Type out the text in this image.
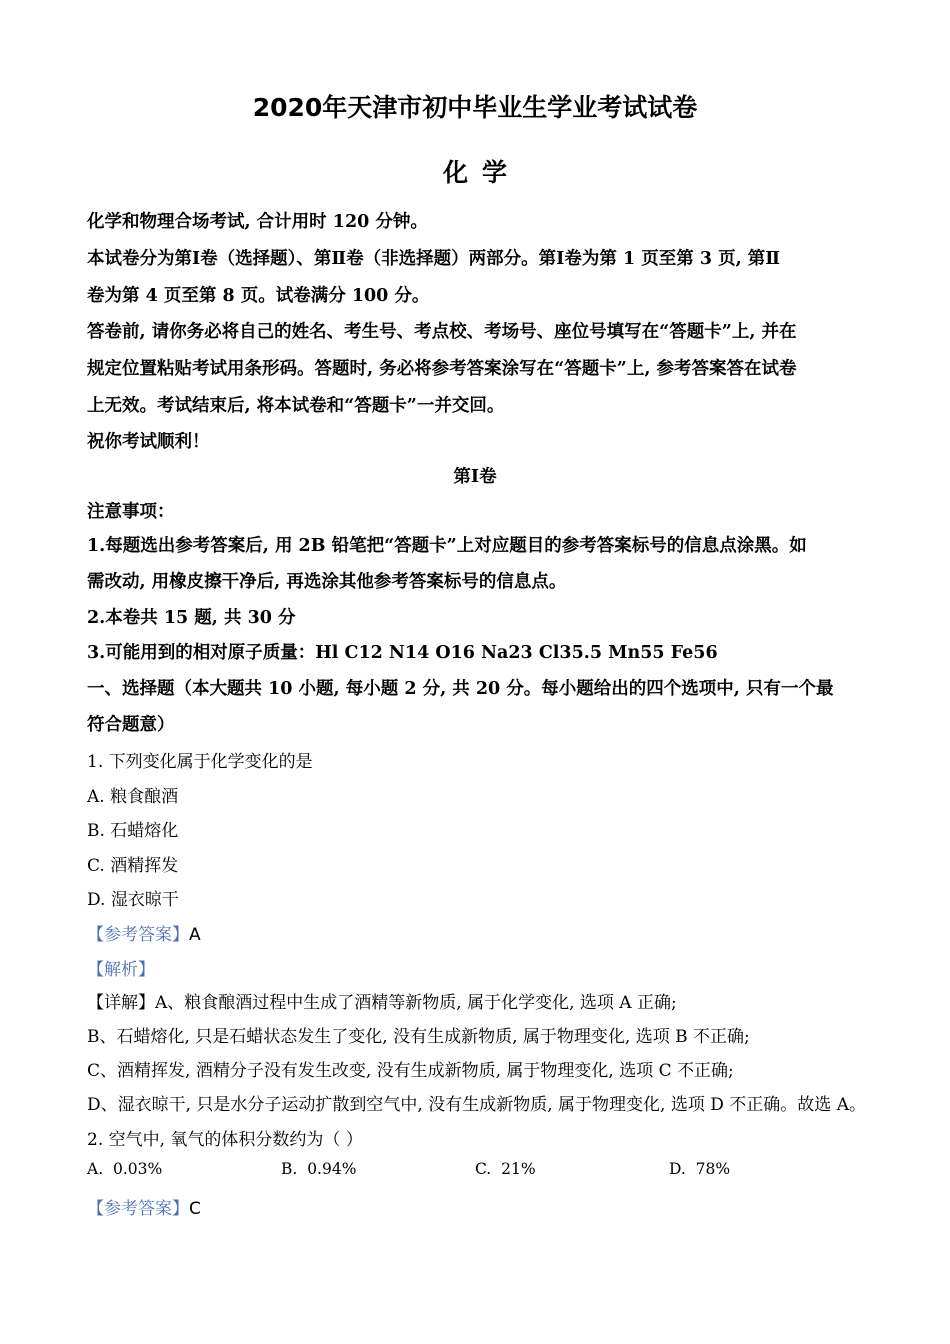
2020年天津市初中毕业生学业考试试卷
化学
化学和物理合场考试, 合计用时 120 分钟。
本试卷分为第Ⅰ卷（选择题）、第Ⅱ卷（非选择题）两部分。第Ⅰ卷为第 1 页至第 3 页, 第Ⅱ
卷为第 4 页至第 8 页。试卷满分 100 分。
答卷前, 请你务必将自己的姓名、考生号、考点校、考场号、座位号填写在“答题卡”上, 并在
规定位置粘贴考试用条形码。答题时, 务必将参考答案涂写在“答题卡”上, 参考答案答在试卷
上无效。考试结束后, 将本试卷和“答题卡”一并交回。
祝你考试顺利！
第Ⅰ卷
注意事项：
1.每题选出参考答案后, 用 2B 铅笔把“答题卡”上对应题目的参考答案标号的信息点涂黑。如
需改动, 用橡皮擦干净后, 再选涂其他参考答案标号的信息点。
2.本卷共 15 题, 共 30 分
3.可能用到的相对原子质量：Hl C12 N14 O16 Na23 Cl35.5 Mn55 Fe56
一、选择题（本大题共 10 小题, 每小题 2 分, 共 20 分。每小题给出的四个选项中, 只有一个最
符合题意）
1. 下列变化属于化学变化的是
A. 粮食酿酒
B. 石蜡熔化
C. 酒精挥发
D. 湿衣晾干
【参考答案】A
【解析】
【详解】A、粮食酿酒过程中生成了酒精等新物质, 属于化学变化, 选项 A 正确;
B、石蜡熔化, 只是石蜡状态发生了变化, 没有生成新物质, 属于物理变化, 选项 B 不正确;
C、酒精挥发, 酒精分子没有发生改变, 没有生成新物质, 属于物理变化, 选项 C 不正确;
D、湿衣晾干, 只是水分子运动扩散到空气中, 没有生成新物质, 属于物理变化, 选项 D 不正确。故选 A。
2. 空气中, 氧气的体积分数约为（ ）
A. 0.03%	B. 0.94%	C. 21%	D. 78%
【参考答案】C
